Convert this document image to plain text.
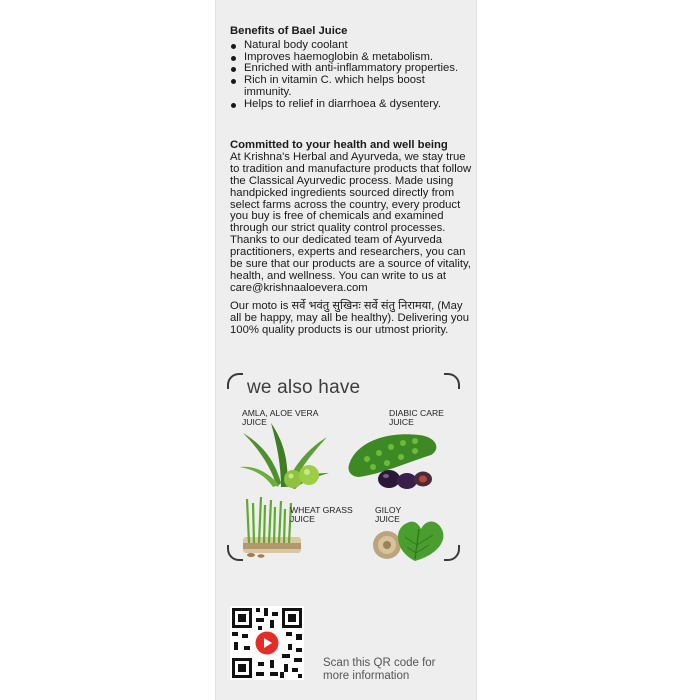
Benefits of Bael Juice
Natural body coolant
Improves haemoglobin & metabolism.
Enriched with anti-inflammatory properties.
Rich in vitamin C. which helps boost immunity.
Helps to relief in diarrhoea & dysentery.
Committed to your health and well being

At Krishna's Herbal and Ayurveda, we stay true to tradition and manufacture products that follow the Classical Ayurvedic process. Made using handpicked ingredients sourced directly from select farms across the country, every product you buy is free of chemicals and examined through our strict quality control processes. Thanks to our dedicated team of Ayurveda practitioners, experts and researchers, you can be sure that our products are a source of vitality, health, and wellness. You can write to us at care@krishnaaloevera.com

Our moto is सर्वे भवंतु सुखिनः सर्वे संतु निरामया, (May all be happy, may all be healthy). Delivering you 100% quality products is our utmost priority.

we also have
AMLA, ALOE VERA JUICE
DIABIC CARE JUICE
WHEAT GRASS JUICE
GILOY JUICE
Scan this QR code for more information
